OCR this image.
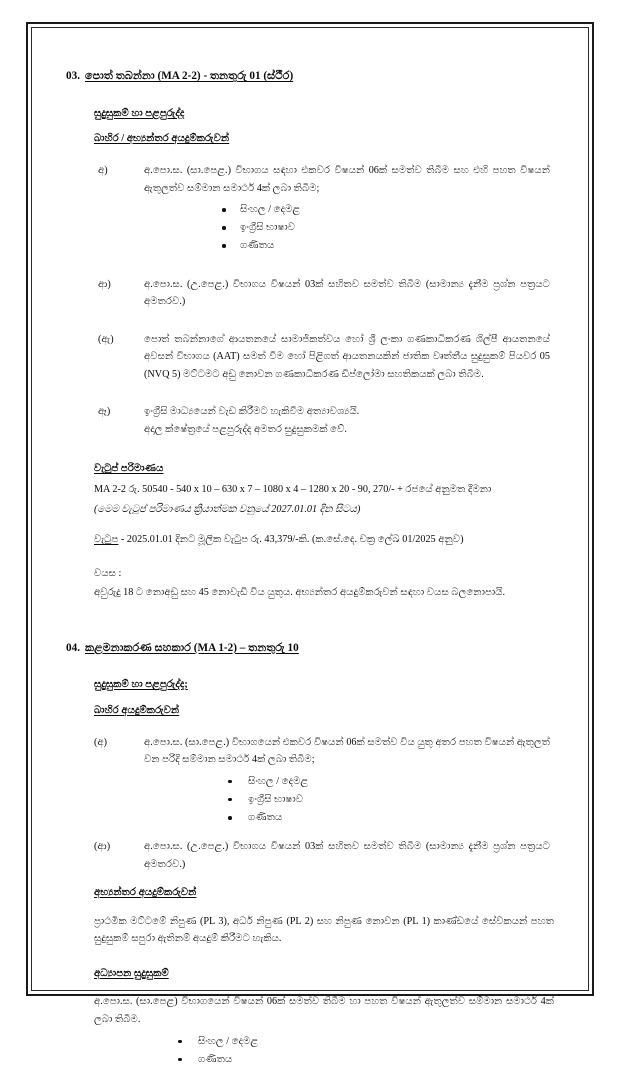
03. පොත් තබන්නා (MA 2-2) - තනතුරු 01 (ස්ථීර)
සුදුසුකම් හා පළපුරුද්ද
බාහිර / අභ්‍යන්තර අයදුම්කරුවන්
අ)	අ.පො.ස. (සා.පෙළ.) විභාගය සඳහා එකවර විෂයන් 06ක් සමත්ව තිබීම සහ එහි පහත විෂයන් ඇතුලත්ව සම්මාන සමාර්ථ 4ක් ලබා තිබීම;
සිංහල / දෙමළ
ඉංග්‍රීසි භාෂාව
ගණිතය
ආ)	අ.පො.ස. (උ.පෙළ.) විභාගය විෂයන් 03ක් සහිතව සමත්ව තිබීම (සාමාන්‍ය දැනීම ප්‍රශ්න පත්‍රයට අමතරව.)
(ඇ)	පොත් තබන්නාගේ ආයතනයේ සාමාජිකත්වය හෝ ශ්‍රී ලංකා ගණකාධිකරණ ශිල්පී ආයතනයේ අවසන් විභාගය (AAT) සමත් වීම හෝ පිළිගත් ආයතනයකින් ජාතික වෘත්තීය සුදුසුකම් පියවර 05 (NVQ 5) මට්ටමට අඩු නොවන ගණකාධිකරණ ඩිප්ලෝමා සහතිකයක් ලබා තිබීම.
ඈ)	ඉංග්‍රීසි මාධ්‍යයෙන් වැඩ කිරීමට හැකිවීම අත්‍යාවශ්‍යයි.
අදාල ක්ෂේත්‍රයේ පළපුරුද්ද අමතර සුදුසුකමක් වේ.
වැටුප් පරිමාණය
MA 2-2 රු. 50540 - 540 x 10 – 630 x 7 – 1080 x 4 – 1280 x 20 - 90, 270/- + රජයේ අනුමත දීමනා
(මෙම වැටුප් පරිමාණය ක්‍රියාත්මක වනුයේ 2027.01.01 දින සිටය)
වැටුප - 2025.01.01 දිනට මූලික වැටුප රු. 43,379/-කි. (ක.සේ.දෙ. චක්‍ර ලේඛ 01/2025 අනුව)
වයස :
අවුරුදු 18 ට නොඅඩු සහ 45 නොවැඩි විය යුතුය. අභ්‍යන්තර අයදුම්කරුවන් සඳහා වයස බලනොපායි.
04. කළමනාකරණ සහකාර (MA 1-2) – තනතුරු 10
සුදුසුකම් හා පළපුරුද්ද;
බාහිර අයදුම්කරුවන්
(අ)	අ.පො.ස. (සා.පෙළ.) විභාගයෙන් එකවර විෂයන් 06ක් සමත්ව විය යුතු අතර පහත විෂයන් ඇතුලත් වන පරිදි සම්මාන සමාර්ථ 4ක් ලබා තිබීම;
සිංහල / දෙමළ
ඉංග්‍රීසි භාෂාව
ගණිතය
(ආ)	අ.පො.ස. (උ.පෙළ.) විභාගය විෂයන් 03ක් සහිතව සමත්ව තිබීම (සාමාන්‍ය දැනීම ප්‍රශ්න පත්‍රයට අමතරව.)
අභ්‍යන්තර අයදුම්කරුවන්
ප්‍රාථමික මට්ටමේ නිපුණ (PL 3), අර්ධ නිපුණ (PL 2) සහ නිපුණ නොවන (PL 1) කාණ්ඩයේ සේවකයන් පහත සුදුසුකම් සපුරා ඇතිනම් අයදුම් කිරීමට හැකිය.
අධ්‍යාපන සුදුසුකම්
අ.පො.ස. (සා.පෙළ) විභාගයෙන් විෂයන් 06ක් සමත්ව තිබීම හා පහත විෂයන් ඇතුලත්ව සම්මාන සමාර්ථ 4ක් ලබා තිබීම.
සිංහල / දෙමළ
ගණිතය
